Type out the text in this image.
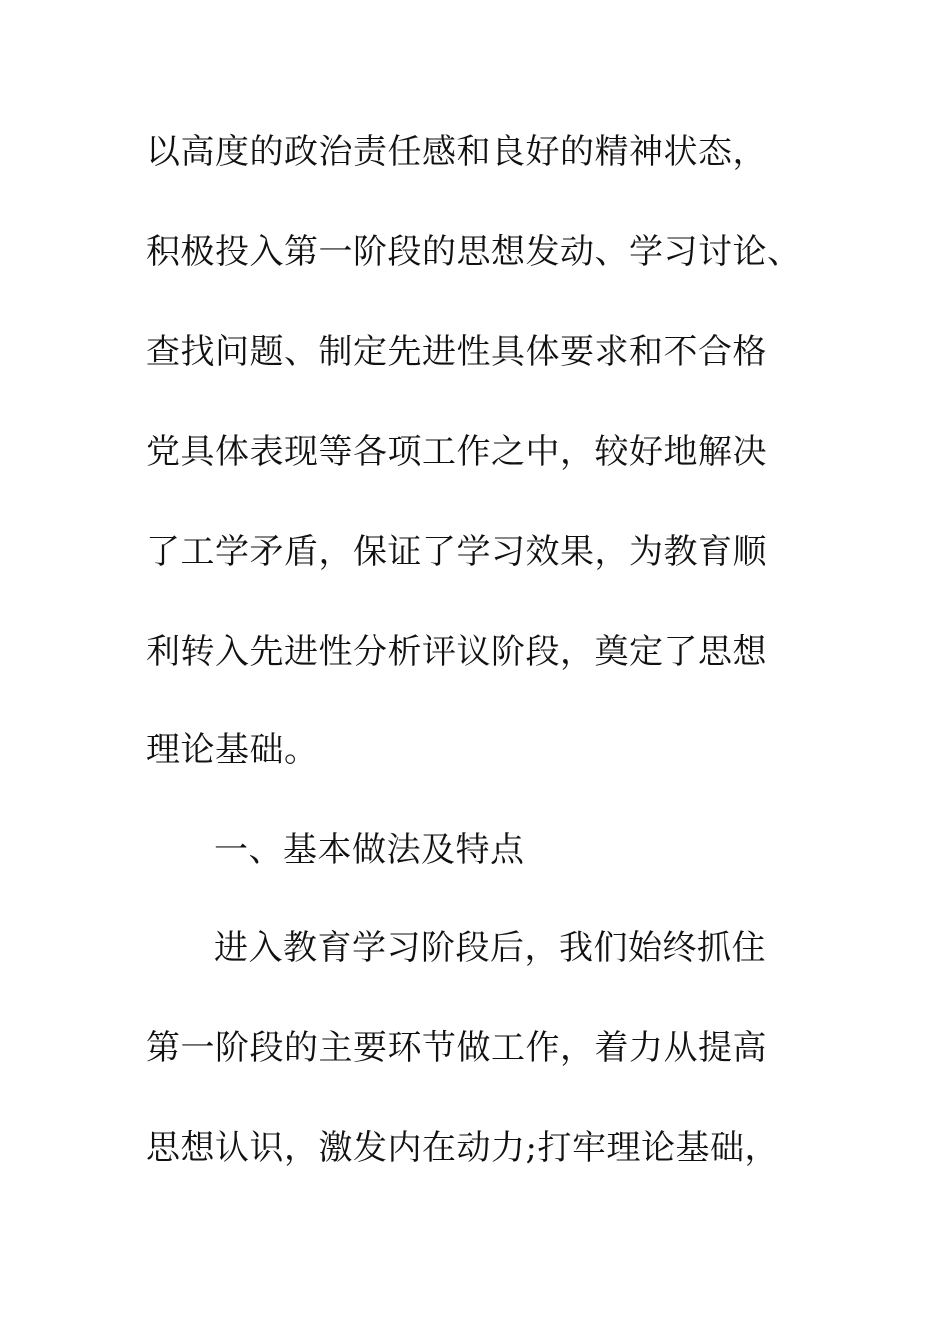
以高度的政治责任感和良好的精神状态，
积极投入第一阶段的思想发动、学习讨论、
查找问题、制定先进性具体要求和不合格
党具体表现等各项工作之中，较好地解决
了工学矛盾，保证了学习效果，为教育顺
利转入先进性分析评议阶段，奠定了思想
理论基础。
一、基本做法及特点
进入教育学习阶段后，我们始终抓住
第一阶段的主要环节做工作，着力从提高
思想认识，激发内在动力;打牢理论基础，
